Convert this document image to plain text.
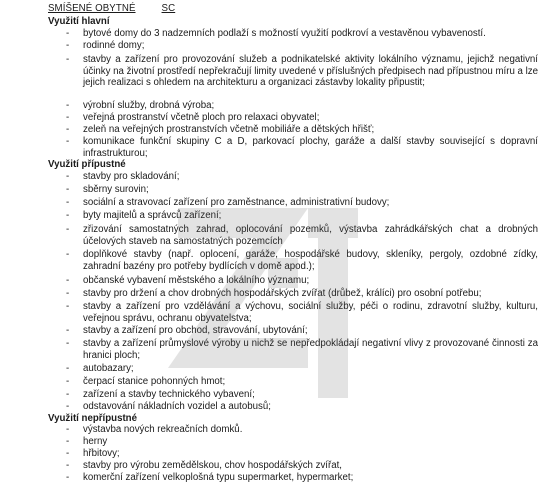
SMÍŠENÉ OBYTNÉ	SC
Využití hlavní
-	bytové domy do 3 nadzemních podlaží s možností využití podkroví a vestavěnou vybaveností.
-	rodinné domy;
-	stavby a zařízení pro provozování služeb a podnikatelské aktivity lokálního významu, jejichž negativní účinky na životní prostředí nepřekračují limity uvedené v příslušných předpisech nad přípustnou míru a lze jejich realizaci s ohledem na architekturu a organizaci zástavby lokality připustit;
-	výrobní služby, drobná výroba;
-	veřejná prostranství včetně ploch pro relaxaci obyvatel;
-	zeleň na veřejných prostranstvích včetně mobiliáře a dětských hřišť;
-	komunikace funkční skupiny C a D, parkovací plochy, garáže a další stavby související s dopravní infrastrukturou;
Využití přípustné
-	stavby pro skladování;
-	sběrny surovin;
-	sociální a stravovací zařízení pro zaměstnance, administrativní budovy;
-	byty majitelů a správců zařízení;
-	zřizování samostatných zahrad, oplocování pozemků, výstavba zahrádkářských chat a drobných účelových staveb na samostatných pozemcích
-	doplňkové stavby (např. oplocení, garáže, hospodářské budovy, skleníky, pergoly, ozdobné zídky, zahradní bazény pro potřeby bydlících v domě apod.);
-	občanské vybavení městského a lokálního významu;
-	stavby pro držení a chov drobných hospodářských zvířat (drůbež, králíci) pro osobní potřebu;
-	stavby a zařízení pro vzdělávání a výchovu, sociální služby, péči o rodinu, zdravotní služby, kulturu, veřejnou správu, ochranu obyvatelstva;
-	stavby a zařízení pro obchod, stravování, ubytování;
-	stavby a zařízení průmyslové výroby u nichž se nepředpokládají negativní vlivy z provozované činnosti za hranici ploch;
-	autobazary;
-	čerpací stanice pohonných hmot;
-	zařízení a stavby technického vybavení;
-	odstavování nákladních vozidel a autobusů;
Využití nepřípustné
-	výstavba nových rekreačních domků.
-	herny
-	hřbitovy;
-	stavby pro výrobu zemědělskou, chov hospodářských zvířat,
-	komerční zařízení velkoplošná typu supermarket, hypermarket;
